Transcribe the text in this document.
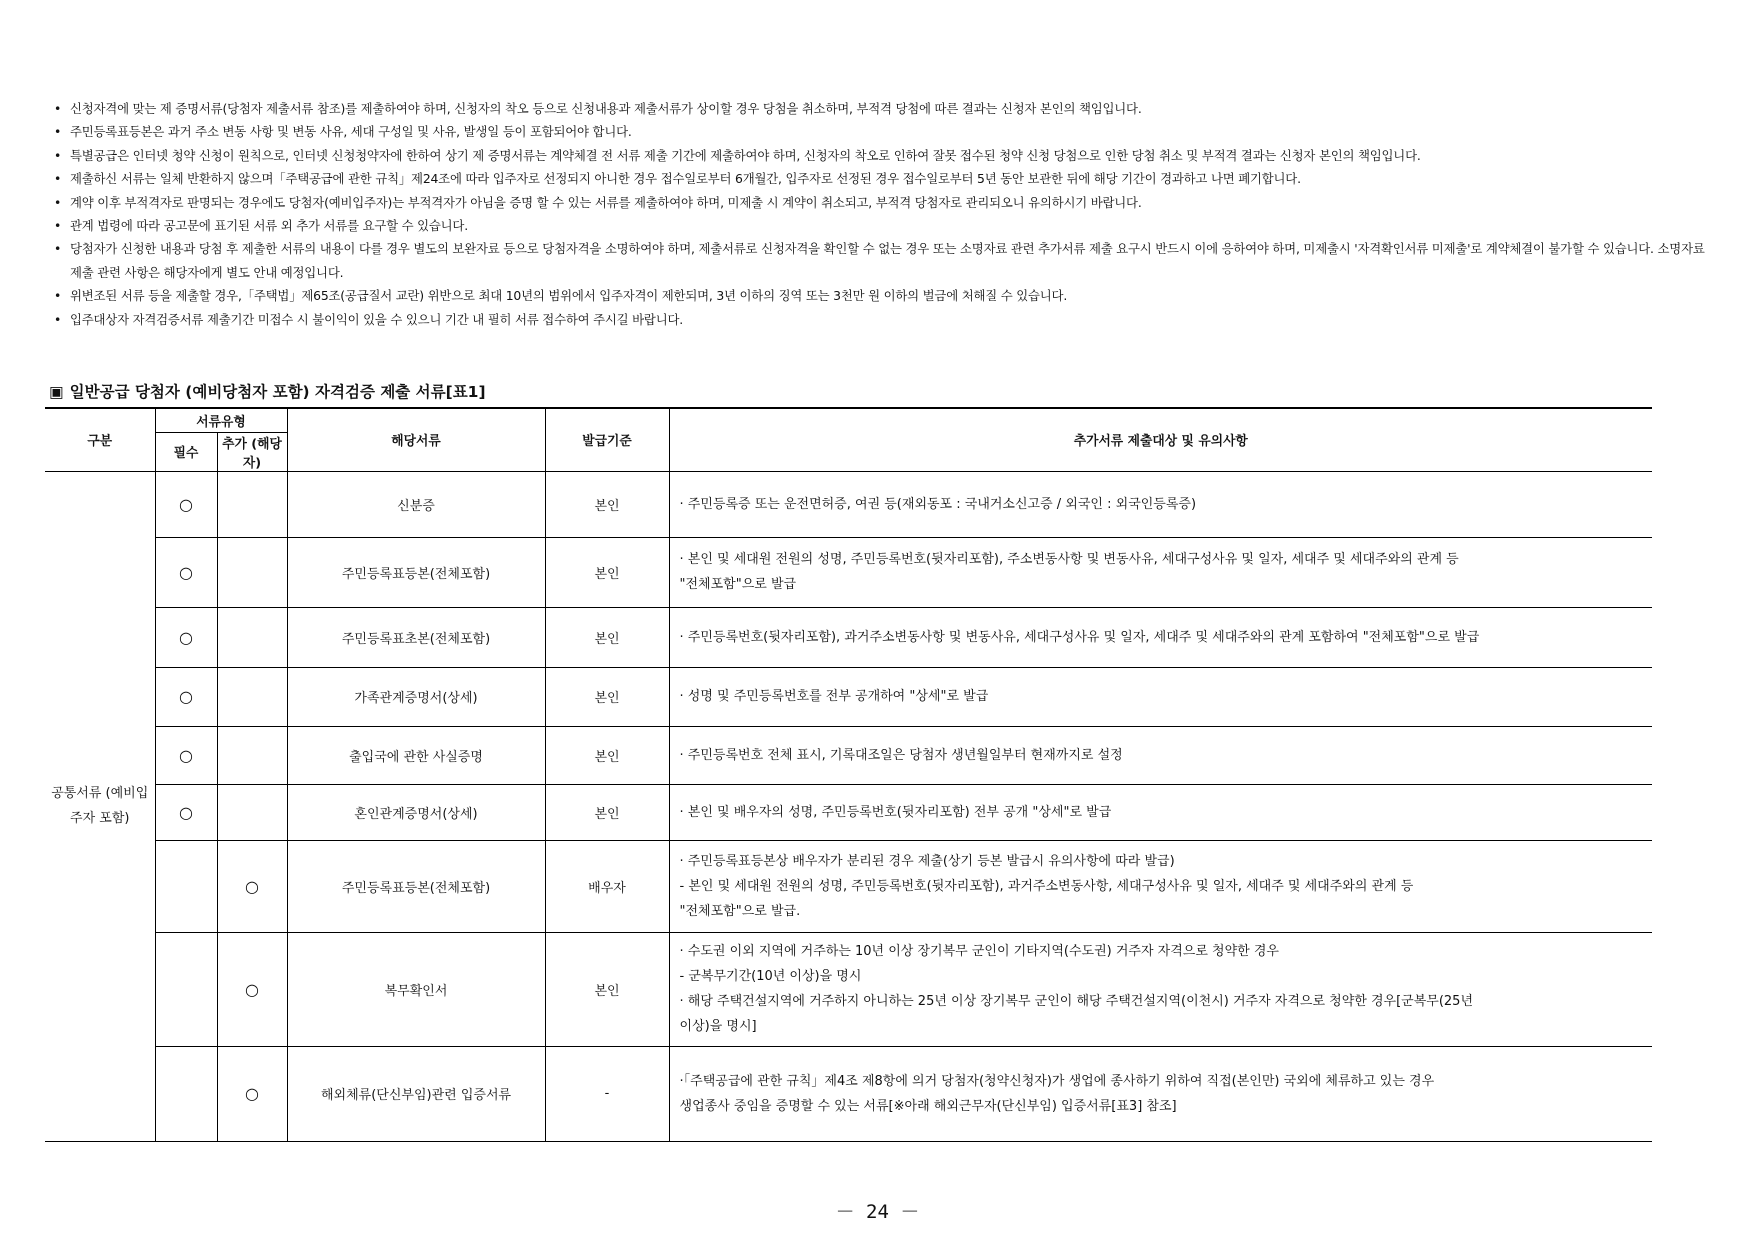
• 신청자격에 맞는 제 증명서류(당첨자 제출서류 참조)를 제출하여야 하며, 신청자의 착오 등으로 신청내용과 제출서류가 상이할 경우 당첨을 취소하며, 부적격 당첨에 따른 결과는 신청자 본인의 책임입니다.
• 주민등록표등본은 과거 주소 변동 사항 및 변동 사유, 세대 구성일 및 사유, 발생일 등이 포함되어야 합니다.
• 특별공급은 인터넷 청약 신청이 원칙으로, 인터넷 신청청약자에 한하여 상기 제 증명서류는 계약체결 전 서류 제출 기간에 제출하여야 하며, 신청자의 착오로 인하여 잘못 접수된 청약 신청 당첨으로 인한 당첨 취소 및 부적격 결과는 신청자 본인의 책임입니다.
• 제출하신 서류는 일체 반환하지 않으며「주택공급에 관한 규칙」제24조에 따라 입주자로 선정되지 아니한 경우 접수일로부터 6개월간, 입주자로 선정된 경우 접수일로부터 5년 동안 보관한 뒤에 해당 기간이 경과하고 나면 폐기합니다.
• 계약 이후 부적격자로 판명되는 경우에도 당첨자(예비입주자)는 부적격자가 아님을 증명 할 수 있는 서류를 제출하여야 하며, 미제출 시 계약이 취소되고, 부적격 당첨자로 관리되오니 유의하시기 바랍니다.
• 관계 법령에 따라 공고문에 표기된 서류 외 추가 서류를 요구할 수 있습니다.
• 당첨자가 신청한 내용과 당첨 후 제출한 서류의 내용이 다를 경우 별도의 보완자료 등으로 당첨자격을 소명하여야 하며, 제출서류로 신청자격을 확인할 수 없는 경우 또는 소명자료 관련 추가서류 제출 요구시 반드시 이에 응하여야 하며, 미제출시 '자격확인서류 미제출'로 계약체결이 불가할 수 있습니다. 소명자료 제출 관련 사항은 해당자에게 별도 안내 예정입니다.
• 위변조된 서류 등을 제출할 경우,「주택법」제65조(공급질서 교란) 위반으로 최대 10년의 범위에서 입주자격이 제한되며, 3년 이하의 징역 또는 3천만 원 이하의 벌금에 처해질 수 있습니다.
• 입주대상자 자격검증서류 제출기간 미접수 시 불이익이 있을 수 있으니 기간 내 필히 서류 접수하여 주시길 바랍니다.
▣ 일반공급 당첨자 (예비당첨자 포함) 자격검증 제출 서류[표1]
구분	서류유형		해당서류	발급기준	추가서류 제출대상 및 유의사항
	필수	추가 (해당자)			
공통서류 (예비입주자 포함)	○		신분증	본인	· 주민등록증 또는 운전면허증, 여권 등(재외동포 : 국내거소신고증 / 외국인 : 외국인등록증)

	○		주민등록표등본(전체포함)	본인	· 본인 및 세대원 전원의 성명, 주민등록번호(뒷자리포함), 주소변동사항 및 변동사유, 세대구성사유 및 일자, 세대주 및 세대주와의 관계 등
"전체포함"으로 발급

	○		주민등록표초본(전체포함)	본인	· 주민등록번호(뒷자리포함), 과거주소변동사항 및 변동사유, 세대구성사유 및 일자, 세대주 및 세대주와의 관계 포함하여 "전체포함"으로 발급

	○		가족관계증명서(상세)	본인	· 성명 및 주민등록번호를 전부 공개하여 "상세"로 발급

	○		출입국에 관한 사실증명	본인	· 주민등록번호 전체 표시, 기록대조일은 당첨자 생년월일부터 현재까지로 설정

	○		혼인관계증명서(상세)	본인	· 본인 및 배우자의 성명, 주민등록번호(뒷자리포함) 전부 공개 "상세"로 발급

		○	주민등록표등본(전체포함)	배우자	· 주민등록표등본상 배우자가 분리된 경우 제출(상기 등본 발급시 유의사항에 따라 발급)
- 본인 및 세대원 전원의 성명, 주민등록번호(뒷자리포함), 과거주소변동사항, 세대구성사유 및 일자, 세대주 및 세대주와의 관계 등
"전체포함"으로 발급.

		○	복무확인서	본인	· 수도권 이외 지역에 거주하는 10년 이상 장기복무 군인이 기타지역(수도권) 거주자 자격으로 청약한 경우
- 군복무기간(10년 이상)을 명시
· 해당 주택건설지역에 거주하지 아니하는 25년 이상 장기복무 군인이 해당 주택건설지역(이천시) 거주자 자격으로 청약한 경우[군복무(25년
이상)을 명시]

		○	해외체류(단신부임)관련 입증서류	-	·「주택공급에 관한 규칙」제4조 제8항에 의거 당첨자(청약신청자)가 생업에 종사하기 위하여 직접(본인만) 국외에 체류하고 있는 경우
생업종사 중임을 증명할 수 있는 서류[※아래 해외근무자(단신부임) 입증서류[표3] 참조]
－ 24 －
